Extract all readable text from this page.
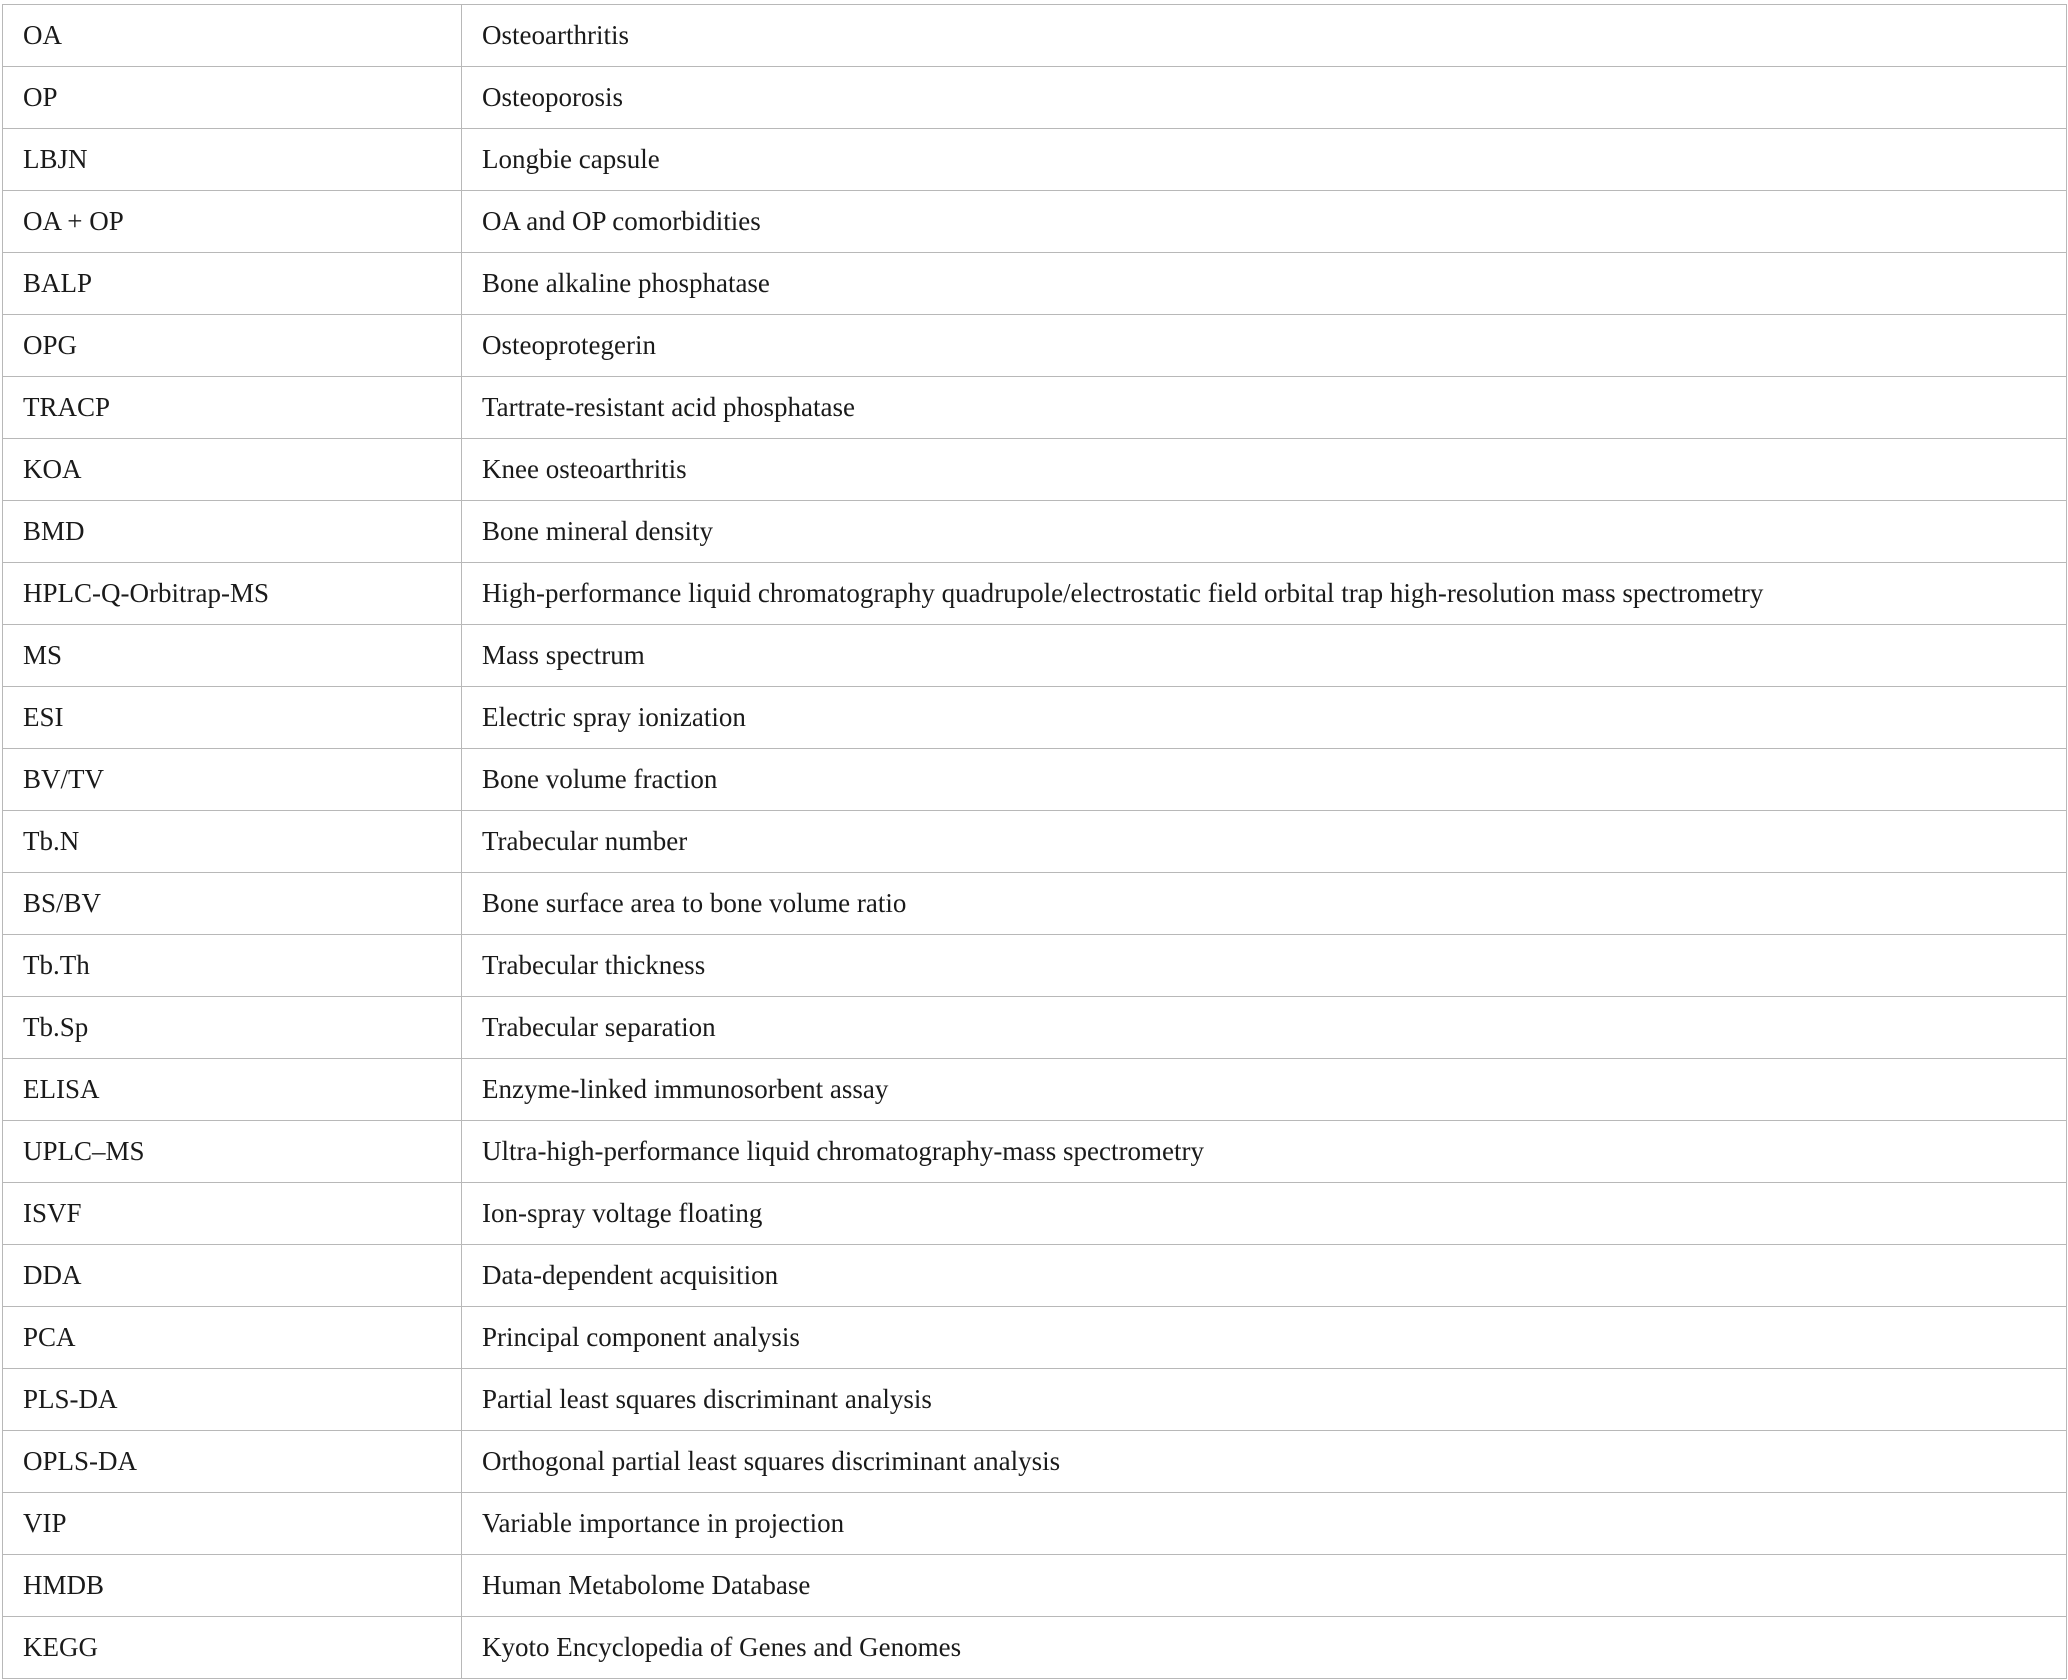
OA	Osteoarthritis
OP	Osteoporosis
LBJN	Longbie capsule
OA + OP	OA and OP comorbidities
BALP	Bone alkaline phosphatase
OPG	Osteoprotegerin
TRACP	Tartrate-resistant acid phosphatase
KOA	Knee osteoarthritis
BMD	Bone mineral density
HPLC-Q-Orbitrap-MS	High-performance liquid chromatography quadrupole/electrostatic field orbital trap high-resolution mass spectrometry
MS	Mass spectrum
ESI	Electric spray ionization
BV/TV	Bone volume fraction
Tb.N	Trabecular number
BS/BV	Bone surface area to bone volume ratio
Tb.Th	Trabecular thickness
Tb.Sp	Trabecular separation
ELISA	Enzyme-linked immunosorbent assay
UPLC–MS	Ultra-high-performance liquid chromatography-mass spectrometry
ISVF	Ion-spray voltage floating
DDA	Data-dependent acquisition
PCA	Principal component analysis
PLS-DA	Partial least squares discriminant analysis
OPLS-DA	Orthogonal partial least squares discriminant analysis
VIP	Variable importance in projection
HMDB	Human Metabolome Database
KEGG	Kyoto Encyclopedia of Genes and Genomes
